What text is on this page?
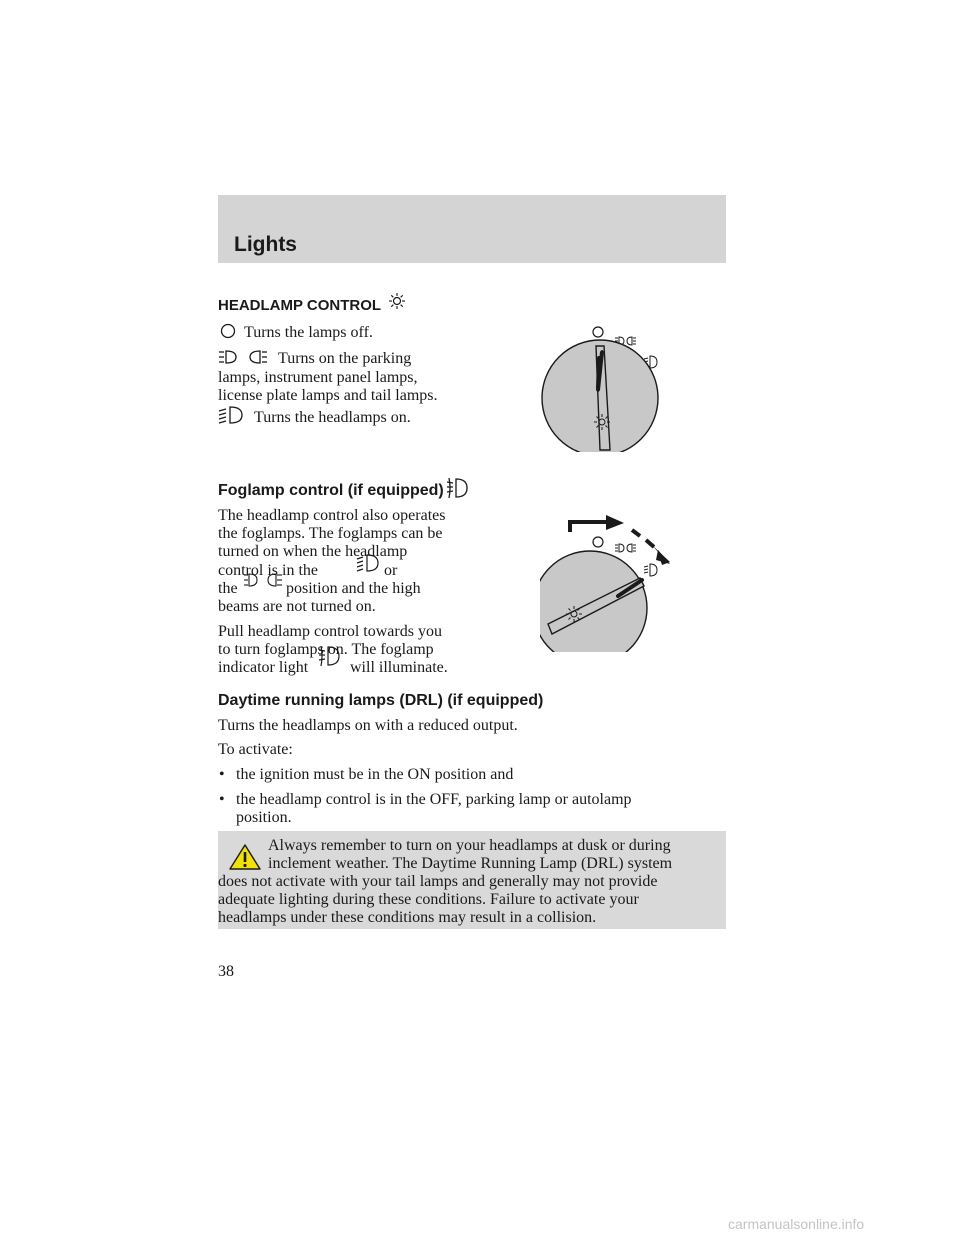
Lights
HEADLAMP CONTROL
Turns the lamps off.
Turns on the parking
lamps, instrument panel lamps,
license plate lamps and tail lamps.
Turns the headlamps on.
Foglamp control (if equipped)
The headlamp control also operates
the foglamps. The foglamps can be
turned on when the headlamp
control is in the	or
the	position and the high
beams are not turned on.
Pull headlamp control towards you
to turn foglamps on. The foglamp
indicator light	will illuminate.
Daytime running lamps (DRL) (if equipped)
Turns the headlamps on with a reduced output.
To activate:
• the ignition must be in the ON position and
• the headlamp control is in the OFF, parking lamp or autolamp
position.
Always remember to turn on your headlamps at dusk or during
inclement weather. The Daytime Running Lamp (DRL) system
does not activate with your tail lamps and generally may not provide
adequate lighting during these conditions. Failure to activate your
headlamps under these conditions may result in a collision.
38
carmanualsonline.info
